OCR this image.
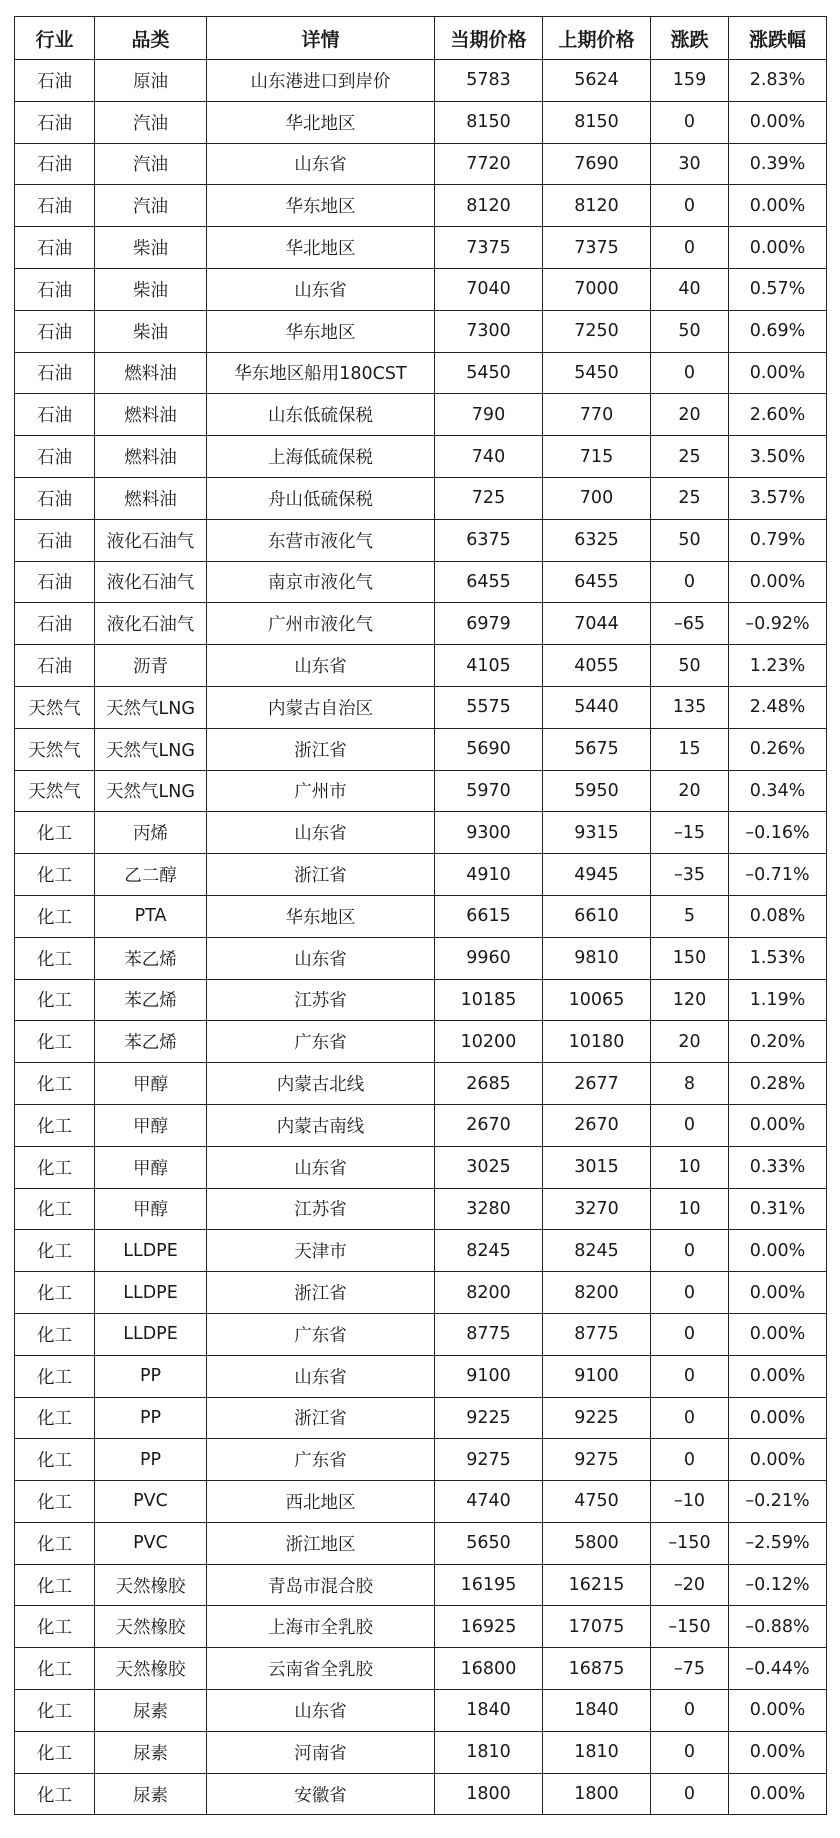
行业	品类	详情	当期价格	上期价格	涨跌	涨跌幅
石油	原油	山东港进口到岸价	5783	5624	159	2.83%
石油	汽油	华北地区	8150	8150	0	0.00%
石油	汽油	山东省	7720	7690	30	0.39%
石油	汽油	华东地区	8120	8120	0	0.00%
石油	柴油	华北地区	7375	7375	0	0.00%
石油	柴油	山东省	7040	7000	40	0.57%
石油	柴油	华东地区	7300	7250	50	0.69%
石油	燃料油	华东地区船用180CST	5450	5450	0	0.00%
石油	燃料油	山东低硫保税	790	770	20	2.60%
石油	燃料油	上海低硫保税	740	715	25	3.50%
石油	燃料油	舟山低硫保税	725	700	25	3.57%
石油	液化石油气	东营市液化气	6375	6325	50	0.79%
石油	液化石油气	南京市液化气	6455	6455	0	0.00%
石油	液化石油气	广州市液化气	6979	7044	–65	–0.92%
石油	沥青	山东省	4105	4055	50	1.23%
天然气	天然气LNG	内蒙古自治区	5575	5440	135	2.48%
天然气	天然气LNG	浙江省	5690	5675	15	0.26%
天然气	天然气LNG	广州市	5970	5950	20	0.34%
化工	丙烯	山东省	9300	9315	–15	–0.16%
化工	乙二醇	浙江省	4910	4945	–35	–0.71%
化工	PTA	华东地区	6615	6610	5	0.08%
化工	苯乙烯	山东省	9960	9810	150	1.53%
化工	苯乙烯	江苏省	10185	10065	120	1.19%
化工	苯乙烯	广东省	10200	10180	20	0.20%
化工	甲醇	内蒙古北线	2685	2677	8	0.28%
化工	甲醇	内蒙古南线	2670	2670	0	0.00%
化工	甲醇	山东省	3025	3015	10	0.33%
化工	甲醇	江苏省	3280	3270	10	0.31%
化工	LLDPE	天津市	8245	8245	0	0.00%
化工	LLDPE	浙江省	8200	8200	0	0.00%
化工	LLDPE	广东省	8775	8775	0	0.00%
化工	PP	山东省	9100	9100	0	0.00%
化工	PP	浙江省	9225	9225	0	0.00%
化工	PP	广东省	9275	9275	0	0.00%
化工	PVC	西北地区	4740	4750	–10	–0.21%
化工	PVC	浙江地区	5650	5800	–150	–2.59%
化工	天然橡胶	青岛市混合胶	16195	16215	–20	–0.12%
化工	天然橡胶	上海市全乳胶	16925	17075	–150	–0.88%
化工	天然橡胶	云南省全乳胶	16800	16875	–75	–0.44%
化工	尿素	山东省	1840	1840	0	0.00%
化工	尿素	河南省	1810	1810	0	0.00%
化工	尿素	安徽省	1800	1800	0	0.00%
